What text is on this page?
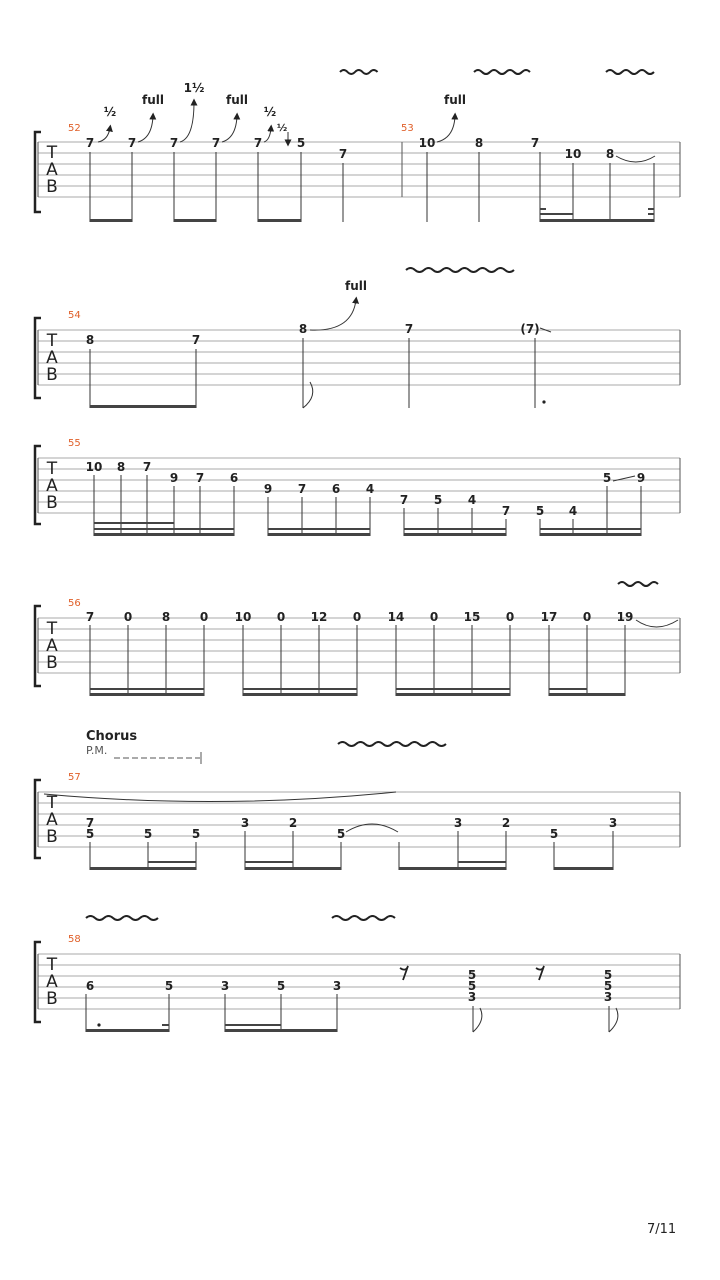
T
A
B
52	53
½
full
1½
full
½
½
full
7	7	7	7	7	5
7
10	8	7
10 8
T
A
B
54
full
8	7
8	7	(7)
T
A
B
55
10 8 7
9 7 6
9 7 6 4
7 5 4
7 5 4
5 9
T
A
B
56
7 0 8 0 10 0 12 0 14 0 15 0 17 0 19
Chorus
P.M.
T
A
B
57
7
5	5	5
3	2
5
3	2
5
3
T
A
B
58
6	5	3	5	3
5
5
3
5
5
3
7/11
